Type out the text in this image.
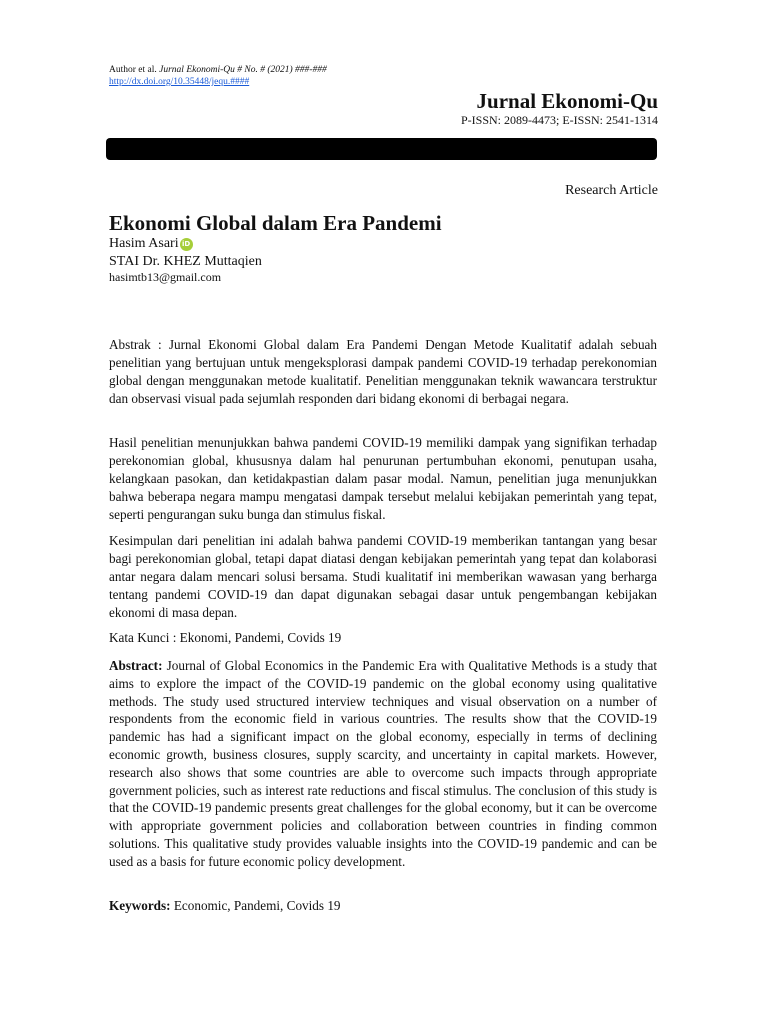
Author et al. Jurnal Ekonomi-Qu # No. # (2021) ###-###
http://dx.doi.org/10.35448/jequ.####
Jurnal Ekonomi-Qu
P-ISSN: 2089-4473; E-ISSN: 2541-1314
Research Article
Ekonomi Global dalam Era Pandemi
Hasim Asari iD
STAI Dr. KHEZ Muttaqien
hasimtb13@gmail.com

Abstrak : Jurnal Ekonomi Global dalam Era Pandemi Dengan Metode Kualitatif adalah sebuah penelitian yang bertujuan untuk mengeksplorasi dampak pandemi COVID-19 terhadap perekonomian global dengan menggunakan metode kualitatif. Penelitian menggunakan teknik wawancara terstruktur dan observasi visual pada sejumlah responden dari bidang ekonomi di berbagai negara.

Hasil penelitian menunjukkan bahwa pandemi COVID-19 memiliki dampak yang signifikan terhadap perekonomian global, khususnya dalam hal penurunan pertumbuhan ekonomi, penutupan usaha, kelangkaan pasokan, dan ketidakpastian dalam pasar modal. Namun, penelitian juga menunjukkan bahwa beberapa negara mampu mengatasi dampak tersebut melalui kebijakan pemerintah yang tepat, seperti pengurangan suku bunga dan stimulus fiskal.

Kesimpulan dari penelitian ini adalah bahwa pandemi COVID-19 memberikan tantangan yang besar bagi perekonomian global, tetapi dapat diatasi dengan kebijakan pemerintah yang tepat dan kolaborasi antar negara dalam mencari solusi bersama. Studi kualitatif ini memberikan wawasan yang berharga tentang pandemi COVID-19 dan dapat digunakan sebagai dasar untuk pengembangan kebijakan ekonomi di masa depan.

Kata Kunci : Ekonomi, Pandemi, Covids 19

Abstract: Journal of Global Economics in the Pandemic Era with Qualitative Methods is a study that aims to explore the impact of the COVID-19 pandemic on the global economy using qualitative methods. The study used structured interview techniques and visual observation on a number of respondents from the economic field in various countries. The results show that the COVID-19 pandemic has had a significant impact on the global economy, especially in terms of declining economic growth, business closures, supply scarcity, and uncertainty in capital markets. However, research also shows that some countries are able to overcome such impacts through appropriate government policies, such as interest rate reductions and fiscal stimulus. The conclusion of this study is that the COVID-19 pandemic presents great challenges for the global economy, but it can be overcome with appropriate government policies and collaboration between countries in finding common solutions. This qualitative study provides valuable insights into the COVID-19 pandemic and can be used as a basis for future economic policy development.

Keywords: Economic, Pandemi, Covids 19
